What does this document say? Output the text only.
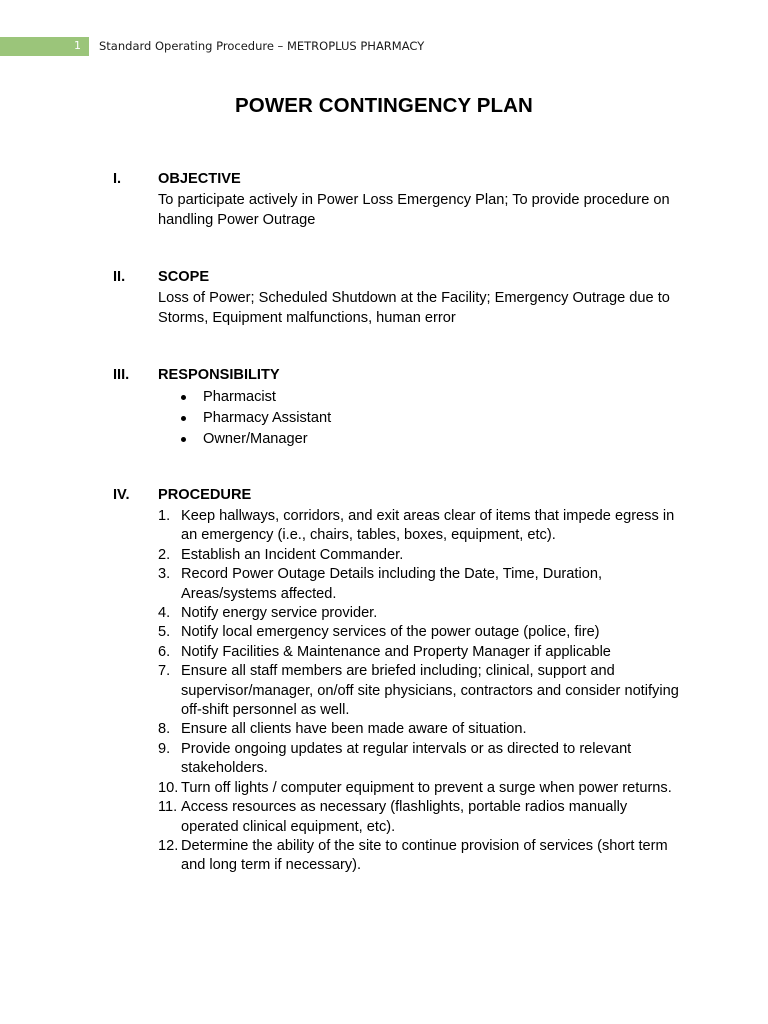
1 Standard Operating Procedure – METROPLUS PHARMACY
POWER CONTINGENCY PLAN
I.	OBJECTIVE
To participate actively in Power Loss Emergency Plan; To provide procedure on handling Power Outrage
II. SCOPE
Loss of Power; Scheduled Shutdown at the Facility; Emergency Outrage due to Storms, Equipment malfunctions, human error
III. RESPONSIBILITY
Pharmacist
Pharmacy Assistant
Owner/Manager
IV. PROCEDURE
1. Keep hallways, corridors, and exit areas clear of items that impede egress in an emergency (i.e., chairs, tables, boxes, equipment, etc).
2. Establish an Incident Commander.
3. Record Power Outage Details including the Date, Time, Duration, Areas/systems affected.
4. Notify energy service provider.
5. Notify local emergency services of the power outage (police, fire)
6. Notify Facilities & Maintenance and Property Manager if applicable
7. Ensure all staff members are briefed including; clinical, support and supervisor/manager, on/off site physicians, contractors and consider notifying off-shift personnel as well.
8. Ensure all clients have been made aware of situation.
9. Provide ongoing updates at regular intervals or as directed to relevant stakeholders.
10. Turn off lights / computer equipment to prevent a surge when power returns.
11. Access resources as necessary (flashlights, portable radios manually operated clinical equipment, etc).
12. Determine the ability of the site to continue provision of services (short term and long term if necessary).
